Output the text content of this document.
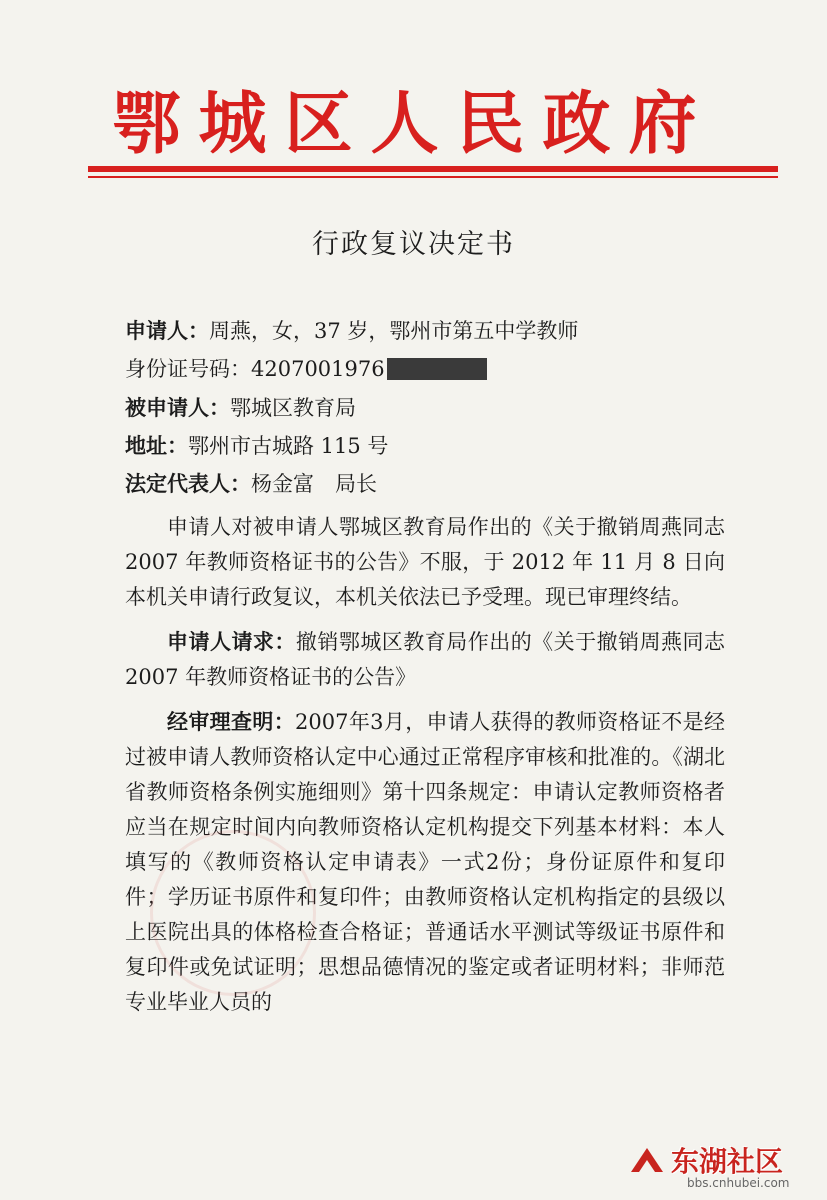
鄂城区人民政府
行政复议决定书
申请人：周燕，女，37 岁，鄂州市第五中学教师
身份证号码：4207001976
被申请人：鄂城区教育局
地址：鄂州市古城路 115 号
法定代表人：杨金富　局长

申请人对被申请人鄂城区教育局作出的《关于撤销周燕同志 2007 年教师资格证书的公告》不服，于 2012 年 11 月 8 日向本机关申请行政复议，本机关依法已予受理。现已审理终结。

申请人请求：撤销鄂城区教育局作出的《关于撤销周燕同志 2007 年教师资格证书的公告》

经审理查明：2007年3月，申请人获得的教师资格证不是经过被申请人教师资格认定中心通过正常程序审核和批准的。《湖北省教师资格条例实施细则》第十四条规定：申请认定教师资格者应当在规定时间内向教师资格认定机构提交下列基本材料：本人填写的《教师资格认定申请表》一式2份；身份证原件和复印件；学历证书原件和复印件；由教师资格认定机构指定的县级以上医院出具的体格检查合格证；普通话水平测试等级证书原件和复印件或免试证明；思想品德情况的鉴定或者证明材料；非师范专业毕业人员的

东湖社区
bbs.cnhubei.com
